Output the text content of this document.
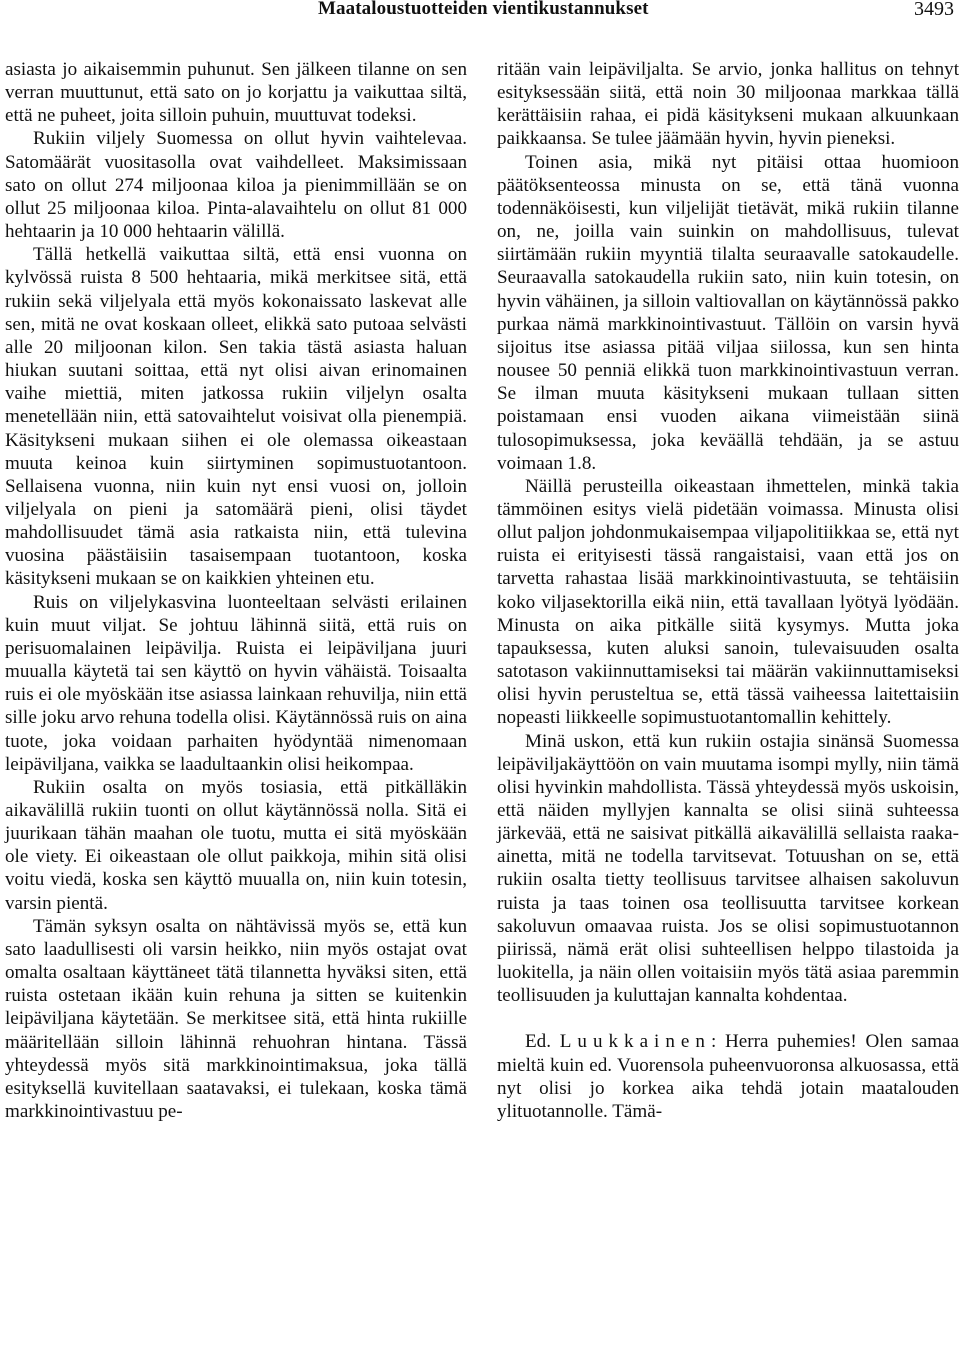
Maataloustuotteiden vientikustannukset	3493

asiasta jo aikaisemmin puhunut. Sen jälkeen tilanne on sen verran muuttunut, että sato on jo korjattu ja vaikuttaa siltä, että ne puheet, joita silloin puhuin, muuttuvat todeksi.

Rukiin viljely Suomessa on ollut hyvin vaihtelevaa. Satomäärät vuositasolla ovat vaihdelleet. Maksimissaan sato on ollut 274 miljoonaa kiloa ja pienimmillään se on ollut 25 miljoonaa kiloa. Pinta-alavaihtelu on ollut 81 000 hehtaarin ja 10 000 hehtaarin välillä.

Tällä hetkellä vaikuttaa siltä, että ensi vuonna on kylvössä ruista 8 500 hehtaaria, mikä merkitsee sitä, että rukiin sekä viljelyala että myös kokonaissato laskevat alle sen, mitä ne ovat koskaan olleet, elikkä sato putoaa selvästi alle 20 miljoonan kilon. Sen takia tästä asiasta haluan hiukan suutani soittaa, että nyt olisi aivan erinomainen vaihe miettiä, miten jatkossa rukiin viljelyn osalta menetellään niin, että satovaihtelut voisivat olla pienempiä. Käsitykseni mukaan siihen ei ole olemassa oikeastaan muuta keinoa kuin siirtyminen sopimustuotantoon. Sellaisena vuonna, niin kuin nyt ensi vuosi on, jolloin viljelyala on pieni ja satomäärä pieni, olisi täydet mahdollisuudet tämä asia ratkaista niin, että tulevina vuosina päästäisiin tasaisempaan tuotantoon, koska käsitykseni mukaan se on kaikkien yhteinen etu.

Ruis on viljelykasvina luonteeltaan selvästi erilainen kuin muut viljat. Se johtuu lähinnä siitä, että ruis on perisuomalainen leipävilja. Ruista ei leipäviljana juuri muualla käytetä tai sen käyttö on hyvin vähäistä. Toisaalta ruis ei ole myöskään itse asiassa lainkaan rehuvilja, niin että sille joku arvo rehuna todella olisi. Käytännössä ruis on aina tuote, joka voidaan parhaiten hyödyntää nimenomaan leipäviljana, vaikka se laadultaankin olisi heikompaa.

Rukiin osalta on myös tosiasia, että pitkälläkin aikavälillä rukiin tuonti on ollut käytännössä nolla. Sitä ei juurikaan tähän maahan ole tuotu, mutta ei sitä myöskään ole viety. Ei oikeastaan ole ollut paikkoja, mihin sitä olisi voitu viedä, koska sen käyttö muualla on, niin kuin totesin, varsin pientä.

Tämän syksyn osalta on nähtävissä myös se, että kun sato laadullisesti oli varsin heikko, niin myös ostajat ovat omalta osaltaan käyttäneet tätä tilannetta hyväksi siten, että ruista ostetaan ikään kuin rehuna ja sitten se kuitenkin leipäviljana käytetään. Se merkitsee sitä, että hinta rukiille määritellään silloin lähinnä rehuohran hintana. Tässä yhteydessä myös sitä markkinointimaksua, joka tällä esityksellä kuvitellaan saatavaksi, ei tulekaan, koska tämä markkinointivastuu pe-

ritään vain leipäviljalta. Se arvio, jonka hallitus on tehnyt esityksessään siitä, että noin 30 miljoonaa markkaa tällä kerättäisiin rahaa, ei pidä käsitykseni mukaan alkuunkaan paikkaansa. Se tulee jäämään hyvin, hyvin pieneksi.

Toinen asia, mikä nyt pitäisi ottaa huomioon päätöksenteossa minusta on se, että tänä vuonna todennäköisesti, kun viljelijät tietävät, mikä rukiin tilanne on, ne, joilla vain suinkin on mahdollisuus, tulevat siirtämään rukiin myyntiä tilalta seuraavalle satokaudelle. Seuraavalla satokaudella rukiin sato, niin kuin totesin, on hyvin vähäinen, ja silloin valtiovallan on käytännössä pakko purkaa nämä markkinointivastuut. Tällöin on varsin hyvä sijoitus itse asiassa pitää viljaa siilossa, kun sen hinta nousee 50 penniä elikkä tuon markkinointivastuun verran. Se ilman muuta käsitykseni mukaan tullaan sitten poistamaan ensi vuoden aikana viimeistään siinä tulosopimuksessa, joka keväällä tehdään, ja se astuu voimaan 1.8.

Näillä perusteilla oikeastaan ihmettelen, minkä takia tämmöinen esitys vielä pidetään voimassa. Minusta olisi ollut paljon johdonmukaisempaa viljapolitiikkaa se, että nyt ruista ei erityisesti tässä rangaistaisi, vaan että jos on tarvetta rahastaa lisää markkinointivastuuta, se tehtäisiin koko viljasektorilla eikä niin, että tavallaan lyötyä lyödään. Minusta on aika pitkälle siitä kysymys. Mutta joka tapauksessa, kuten aluksi sanoin, tulevaisuuden osalta satotason vakiinnuttamiseksi tai määrän vakiinnuttamiseksi olisi hyvin perusteltua se, että tässä vaiheessa laitettaisiin nopeasti liikkeelle sopimustuotantomallin kehittely.

Minä uskon, että kun rukiin ostajia sinänsä Suomessa leipäviljakäyttöön on vain muutama isompi mylly, niin tämä olisi hyvinkin mahdollista. Tässä yhteydessä myös uskoisin, että näiden myllyjen kannalta se olisi siinä suhteessa järkevää, että ne saisivat pitkällä aikavälillä sellaista raaka-ainetta, mitä ne todella tarvitsevat. Totuushan on se, että rukiin osalta tietty teollisuus tarvitsee alhaisen sakoluvun ruista ja taas toinen osa teollisuutta tarvitsee korkean sakoluvun omaavaa ruista. Jos se olisi sopimustuotannon piirissä, nämä erät olisi suhteellisen helppo tilastoida ja luokitella, ja näin ollen voitaisiin myös tätä asiaa paremmin teollisuuden ja kuluttajan kannalta kohdentaa.

Ed. Luukkainen: Herra puhemies! Olen samaa mieltä kuin ed. Vuorensola puheenvuoronsa alkuosassa, että nyt olisi jo korkea aika tehdä jotain maatalouden ylituotannolle. Tämä-
